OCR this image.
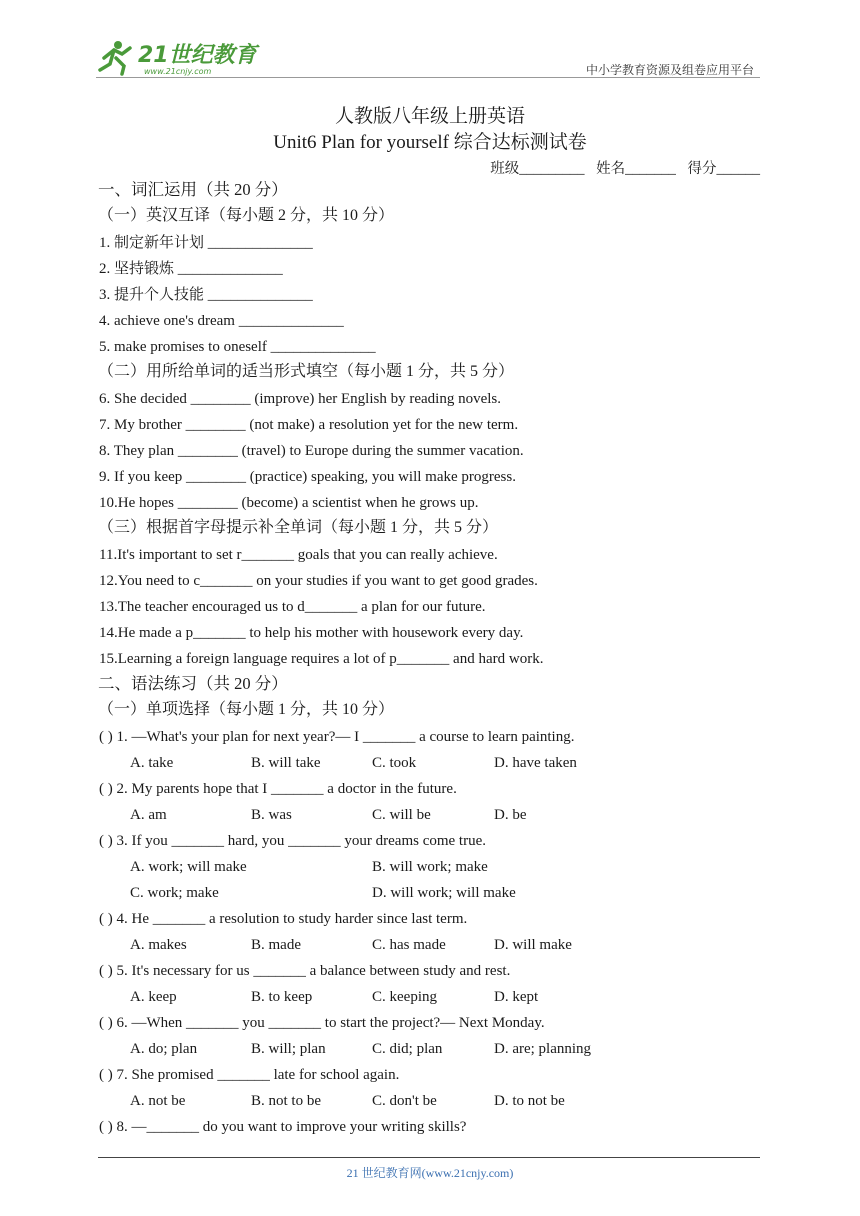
21世纪教育
www.21cnjy.com	中小学教育资源及组卷应用平台
人教版八年级上册英语
Unit6 Plan for yourself 综合达标测试卷
班级_________ 姓名_______ 得分______
一、词汇运用（共 20 分）
（一）英汉互译（每小题 2 分，共 10 分）
1. 制定新年计划 ______________
2. 坚持锻炼 ______________
3. 提升个人技能 ______________
4. achieve one's dream ______________
5. make promises to oneself ______________
（二）用所给单词的适当形式填空（每小题 1 分，共 5 分）
6. She decided ________ (improve) her English by reading novels.
7. My brother ________ (not make) a resolution yet for the new term.
8. They plan ________ (travel) to Europe during the summer vacation.
9. If you keep ________ (practice) speaking, you will make progress.
10.He hopes ________ (become) a scientist when he grows up.
（三）根据首字母提示补全单词（每小题 1 分，共 5 分）
11.It's important to set r_______ goals that you can really achieve.
12.You need to c_______ on your studies if you want to get good grades.
13.The teacher encouraged us to d_______ a plan for our future.
14.He made a p_______ to help his mother with housework every day.
15.Learning a foreign language requires a lot of p_______ and hard work.
二、语法练习（共 20 分）
（一）单项选择（每小题 1 分，共 10 分）
( ) 1. —What's your plan for next year?— I _______ a course to learn painting.
A. take	B. will take	C. took	D. have taken
( ) 2. My parents hope that I _______ a doctor in the future.
A. am	B. was	C. will be	D. be
( ) 3. If you _______ hard, you _______ your dreams come true.
A. work; will make	B. will work; make
C. work; make	D. will work; will make
( ) 4. He _______ a resolution to study harder since last term.
A. makes	B. made	C. has made	D. will make
( ) 5. It's necessary for us _______ a balance between study and rest.
A. keep	B. to keep	C. keeping	D. kept
( ) 6. —When _______ you _______ to start the project?— Next Monday.
A. do; plan	B. will; plan	C. did; plan	D. are; planning
( ) 7. She promised _______ late for school again.
A. not be	B. not to be	C. don't be	D. to not be
( ) 8. —_______ do you want to improve your writing skills?
21 世纪教育网(www.21cnjy.com)
